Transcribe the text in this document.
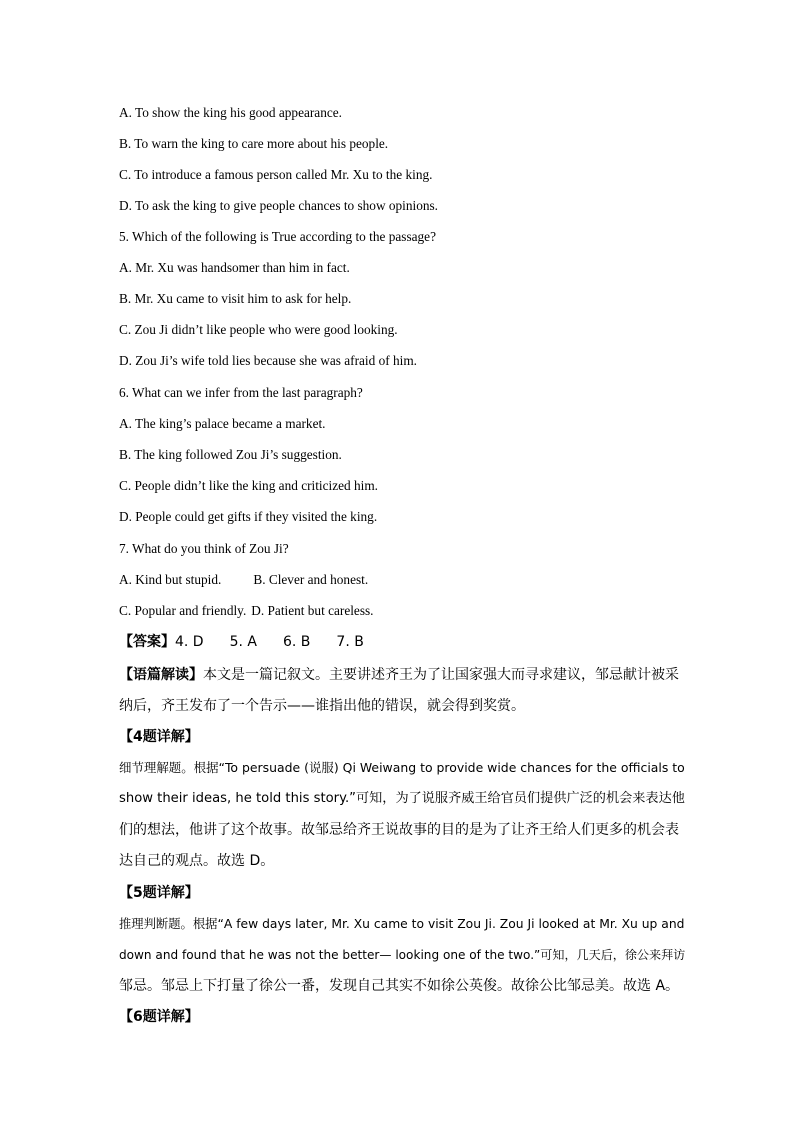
A. To show the king his good appearance.
B. To warn the king to care more about his people.
C. To introduce a famous person called Mr. Xu to the king.
D. To ask the king to give people chances to show opinions.
5. Which of the following is True according to the passage?
A. Mr. Xu was handsomer than him in fact.
B. Mr. Xu came to visit him to ask for help.
C. Zou Ji didn’t like people who were good looking.
D. Zou Ji’s wife told lies because she was afraid of him.
6. What can we infer from the last paragraph?
A. The king’s palace became a market.
B. The king followed Zou Ji’s suggestion.
C. People didn’t like the king and criticized him.
D. People could get gifts if they visited the king.
7. What do you think of Zou Ji?
A. Kind but stupid. B. Clever and honest.
C. Popular and friendly. D. Patient but careless.
【答案】4. D 5. A 6. B 7. B
【语篇解读】本文是一篇记叙文。主要讲述齐王为了让国家强大而寻求建议，邹忌献计被采
纳后，齐王发布了一个告示——谁指出他的错误，就会得到奖赏。
【4题详解】
细节理解题。根据“To persuade (说服) Qi Weiwang to provide wide chances for the officials to
show their ideas, he told this story.”可知，为了说服齐威王给官员们提供广泛的机会来表达他
们的想法，他讲了这个故事。故邹忌给齐王说故事的目的是为了让齐王给人们更多的机会表
达自己的观点。故选 D。
【5题详解】
推理判断题。根据“A few days later, Mr. Xu came to visit Zou Ji. Zou Ji looked at Mr. Xu up and
down and found that he was not the better— looking one of the two.”可知，几天后，徐公来拜访
邹忌。邹忌上下打量了徐公一番，发现自己其实不如徐公英俊。故徐公比邹忌美。故选 A。
【6题详解】
